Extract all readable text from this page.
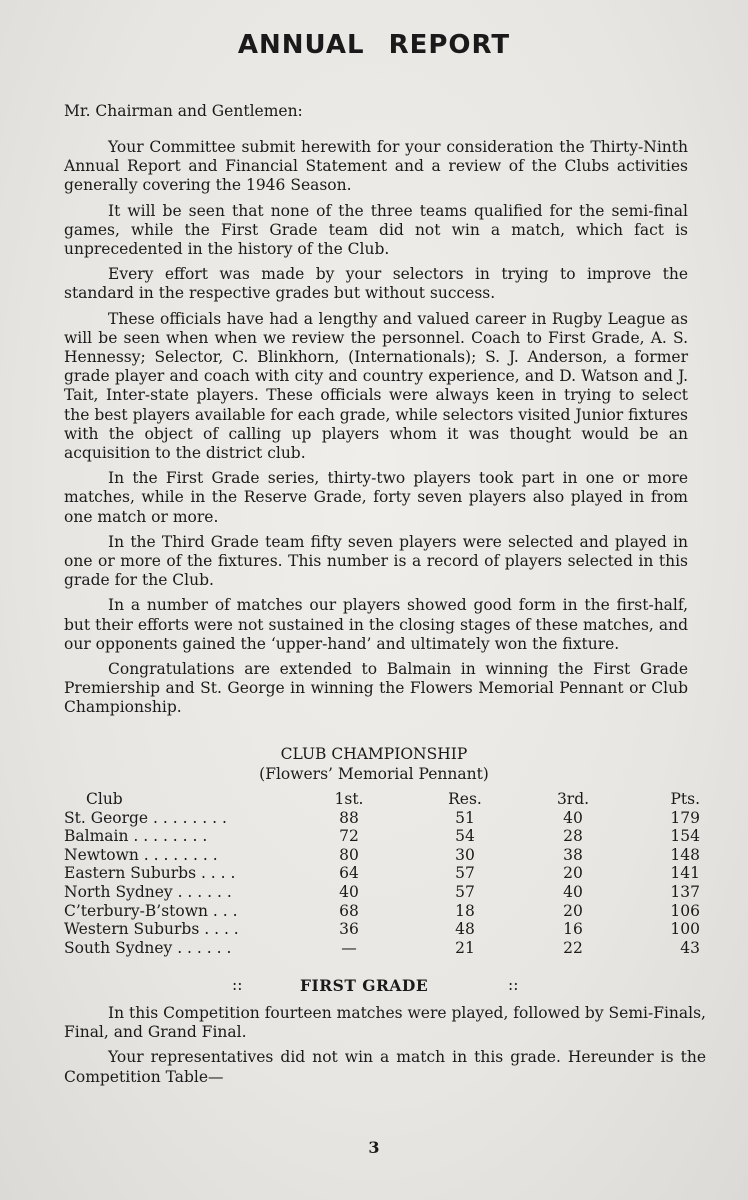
ANNUAL REPORT
Mr. Chairman and Gentlemen:

Your Committee submit herewith for your consideration the Thirty-Ninth Annual Report and Financial Statement and a review of the Clubs activities generally covering the 1946 Season.

It will be seen that none of the three teams qualified for the semi-final games, while the First Grade team did not win a match, which fact is unprecedented in the history of the Club.

Every effort was made by your selectors in trying to improve the standard in the respective grades but without success.

These officials have had a lengthy and valued career in Rugby League as will be seen when when we review the personnel. Coach to First Grade, A. S. Hennessy; Selector, C. Blinkhorn, (Internationals); S. J. Anderson, a former grade player and coach with city and country experience, and D. Watson and J. Tait, Inter-state players. These officials were always keen in trying to select the best players available for each grade, while selectors visited Junior fixtures with the object of calling up players whom it was thought would be an acquisition to the district club.

In the First Grade series, thirty-two players took part in one or more matches, while in the Reserve Grade, forty seven players also played in from one match or more.

In the Third Grade team fifty seven players were selected and played in one or more of the fixtures. This number is a record of players selected in this grade for the Club.

In a number of matches our players showed good form in the first-half, but their efforts were not sustained in the closing stages of these matches, and our opponents gained the ‘upper-hand’ and ultimately won the fixture.

Congratulations are extended to Balmain in winning the First Grade Premiership and St. George in winning the Flowers Memorial Pennant or Club Championship.

CLUB CHAMPIONSHIP
(Flowers’ Memorial Pennant)
Club	1st.	Res.	3rd.	Pts.
St. George . . . . . . . .	88	51	40	179
Balmain . . . . . . . .	72	54	28	154
Newtown . . . . . . . .	80	30	38	148
Eastern Suburbs . . . .	64	57	20	141
North Sydney . . . . . .	40	57	40	137
C’terbury-B’stown . . .	68	18	20	106
Western Suburbs . . . .	36	48	16	100
South Sydney . . . . . .	—	21	22	43
::	FIRST GRADE	::

In this Competition fourteen matches were played, followed by Semi-Finals, Final, and Grand Final.

Your representatives did not win a match in this grade. Hereunder is the Competition Table—

3
